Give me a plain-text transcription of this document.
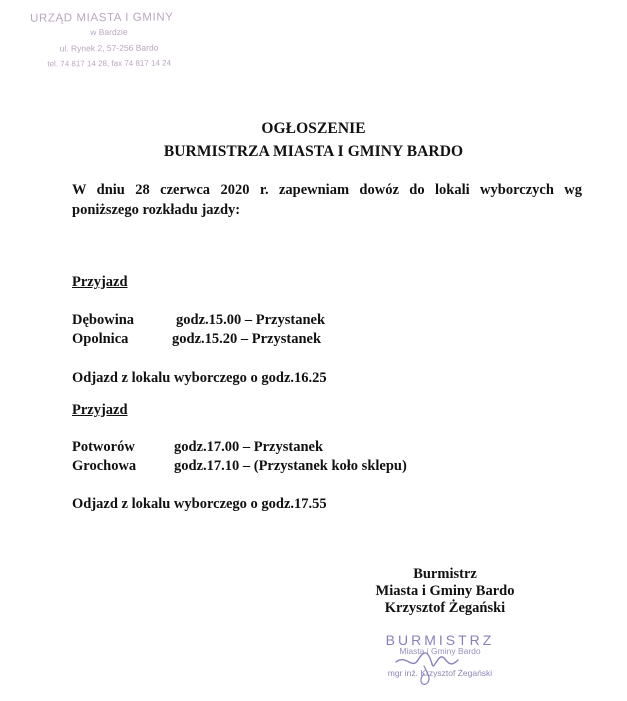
URZĄD MIASTA I GMINY
w Bardzie
ul. Rynek 2, 57-256 Bardo
tel. 74 817 14 28, fax 74 817 14 24
OGŁOSZENIE
BURMISTRZA MIASTA I GMINY BARDO
W dniu 28 czerwca 2020 r. zapewniam dowóz do lokali wyborczych wg
poniższego rozkładu jazdy:
Przyjazd
Dębowina	godz.15.00 – Przystanek
Opolnica	godz.15.20 – Przystanek
Odjazd z lokalu wyborczego o godz.16.25
Przyjazd
Potworów	godz.17.00 – Przystanek
Grochowa	godz.17.10 – (Przystanek koło sklepu)
Odjazd z lokalu wyborczego o godz.17.55
Burmistrz
Miasta i Gminy Bardo
Krzysztof Żegański
BURMISTRZ
Miasta i Gminy Bardo
mgr inż. Krzysztof Żegański
